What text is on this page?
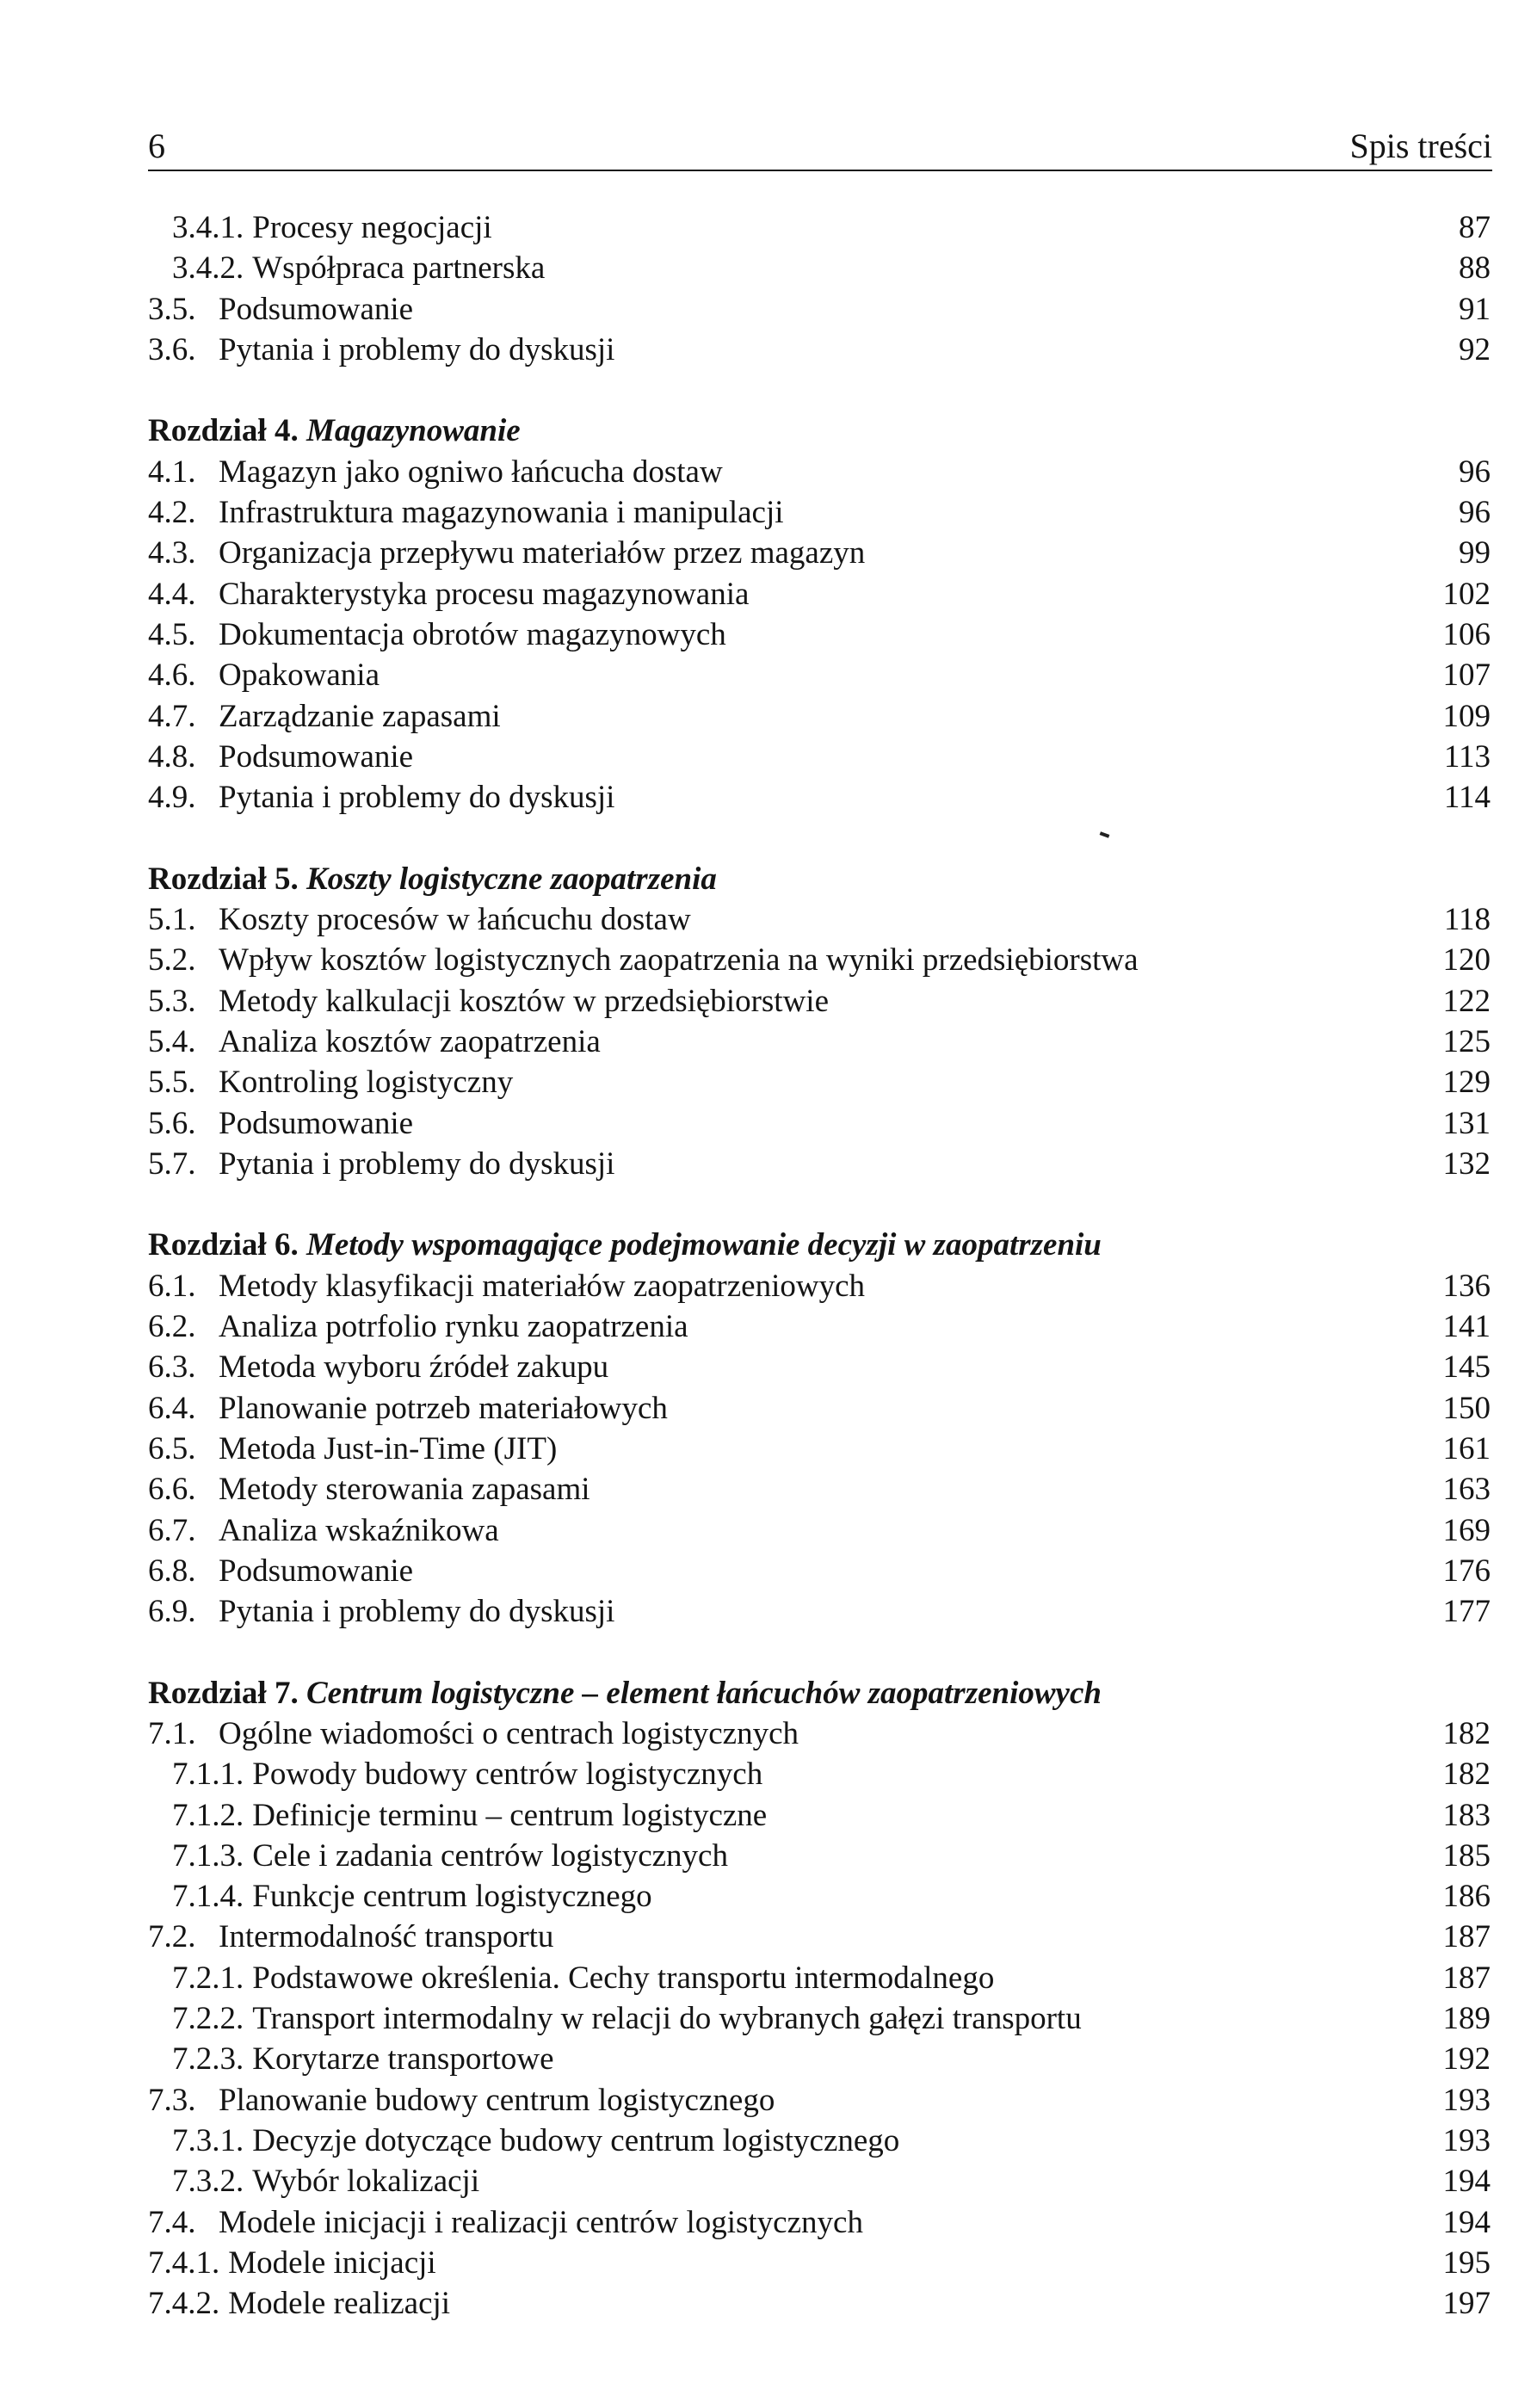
6	Spis treści
3.4.1. Procesy negocjacji	87
3.4.2. Współpraca partnerska	88
3.5. Podsumowanie	91
3.6. Pytania i problemy do dyskusji	92
Rozdział 4. Magazynowanie
4.1. Magazyn jako ogniwo łańcucha dostaw	96
4.2. Infrastruktura magazynowania i manipulacji	96
4.3. Organizacja przepływu materiałów przez magazyn	99
4.4. Charakterystyka procesu magazynowania	102
4.5. Dokumentacja obrotów magazynowych	106
4.6. Opakowania	107
4.7. Zarządzanie zapasami	109
4.8. Podsumowanie	113
4.9. Pytania i problemy do dyskusji	114
Rozdział 5. Koszty logistyczne zaopatrzenia
5.1. Koszty procesów w łańcuchu dostaw	118
5.2. Wpływ kosztów logistycznych zaopatrzenia na wyniki przedsiębiorstwa	120
5.3. Metody kalkulacji kosztów w przedsiębiorstwie	122
5.4. Analiza kosztów zaopatrzenia	125
5.5. Kontroling logistyczny	129
5.6. Podsumowanie	131
5.7. Pytania i problemy do dyskusji	132
Rozdział 6. Metody wspomagające podejmowanie decyzji w zaopatrzeniu
6.1. Metody klasyfikacji materiałów zaopatrzeniowych	136
6.2. Analiza potrfolio rynku zaopatrzenia	141
6.3. Metoda wyboru źródeł zakupu	145
6.4. Planowanie potrzeb materiałowych	150
6.5. Metoda Just-in-Time (JIT)	161
6.6. Metody sterowania zapasami	163
6.7. Analiza wskaźnikowa	169
6.8. Podsumowanie	176
6.9. Pytania i problemy do dyskusji	177
Rozdział 7. Centrum logistyczne – element łańcuchów zaopatrzeniowych
7.1. Ogólne wiadomości o centrach logistycznych	182
7.1.1. Powody budowy centrów logistycznych	182
7.1.2. Definicje terminu – centrum logistyczne	183
7.1.3. Cele i zadania centrów logistycznych	185
7.1.4. Funkcje centrum logistycznego	186
7.2. Intermodalność transportu	187
7.2.1. Podstawowe określenia. Cechy transportu intermodalnego	187
7.2.2. Transport intermodalny w relacji do wybranych gałęzi transportu	189
7.2.3. Korytarze transportowe	192
7.3. Planowanie budowy centrum logistycznego	193
7.3.1. Decyzje dotyczące budowy centrum logistycznego	193
7.3.2. Wybór lokalizacji	194
7.4. Modele inicjacji i realizacji centrów logistycznych	194
7.4.1. Modele inicjacji	195
7.4.2. Modele realizacji	197
